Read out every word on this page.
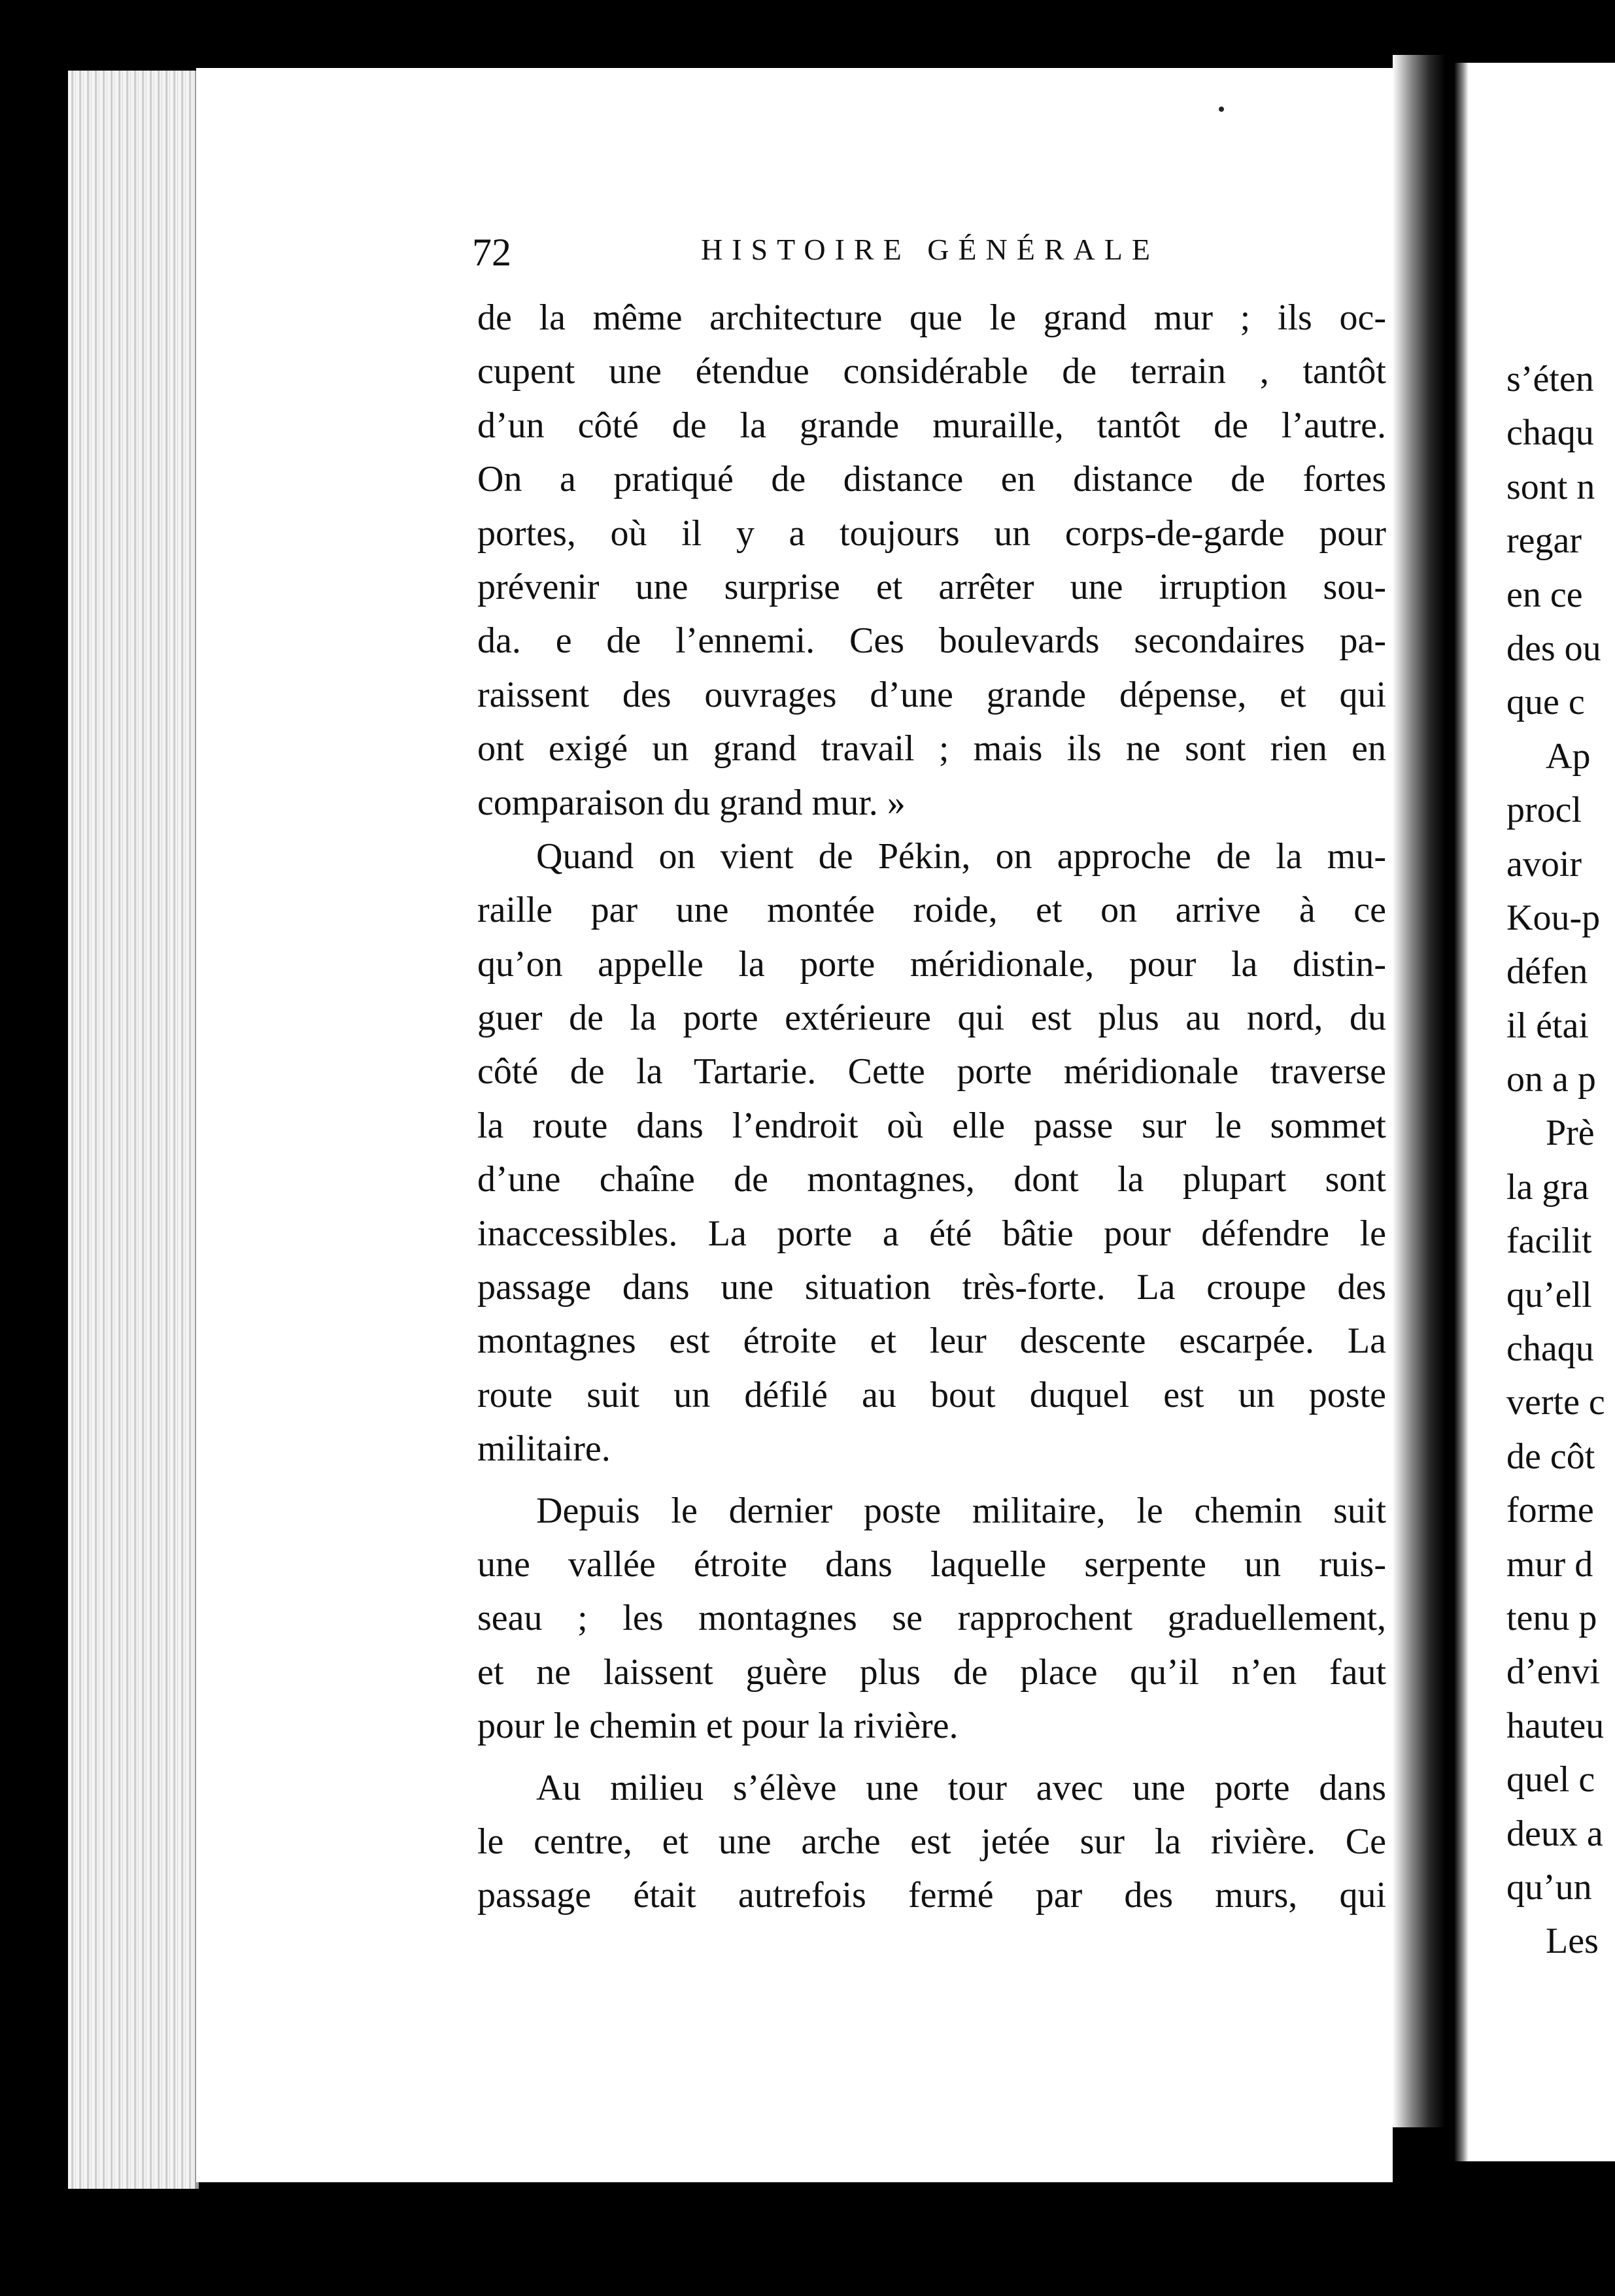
s’éten
chaqu
sont n
regar
en ce
des ou
que c
Ap
procl
avoir
Kou-p
défen
il étai
on a p
Prè
la gra
facilit
qu’ell
chaqu
verte c
de côt
forme
mur d
tenu p
d’envi
hauteu
quel c
deux a
qu’un
Les
72	HISTOIRE GÉNÉRALE
de la même architecture que le grand mur ; ils oc-
cupent une étendue considérable de terrain , tantôt
d’un côté de la grande muraille, tantôt de l’autre.
On a pratiqué de distance en distance de fortes
portes, où il y a toujours un corps-de-garde pour
prévenir une surprise et arrêter une irruption sou-
da. e de l’ennemi. Ces boulevards secondaires pa-
raissent des ouvrages d’une grande dépense, et qui
ont exigé un grand travail ; mais ils ne sont rien en
comparaison du grand mur. »
Quand on vient de Pékin, on approche de la mu-
raille par une montée roide, et on arrive à ce
qu’on appelle la porte méridionale, pour la distin-
guer de la porte extérieure qui est plus au nord, du
côté de la Tartarie. Cette porte méridionale traverse
la route dans l’endroit où elle passe sur le sommet
d’une chaîne de montagnes, dont la plupart sont
inaccessibles. La porte a été bâtie pour défendre le
passage dans une situation très-forte. La croupe des
montagnes est étroite et leur descente escarpée. La
route suit un défilé au bout duquel est un poste
militaire.
Depuis le dernier poste militaire, le chemin suit
une vallée étroite dans laquelle serpente un ruis-
seau ; les montagnes se rapprochent graduellement,
et ne laissent guère plus de place qu’il n’en faut
pour le chemin et pour la rivière.
Au milieu s’élève une tour avec une porte dans
le centre, et une arche est jetée sur la rivière. Ce
passage était autrefois fermé par des murs, qui
